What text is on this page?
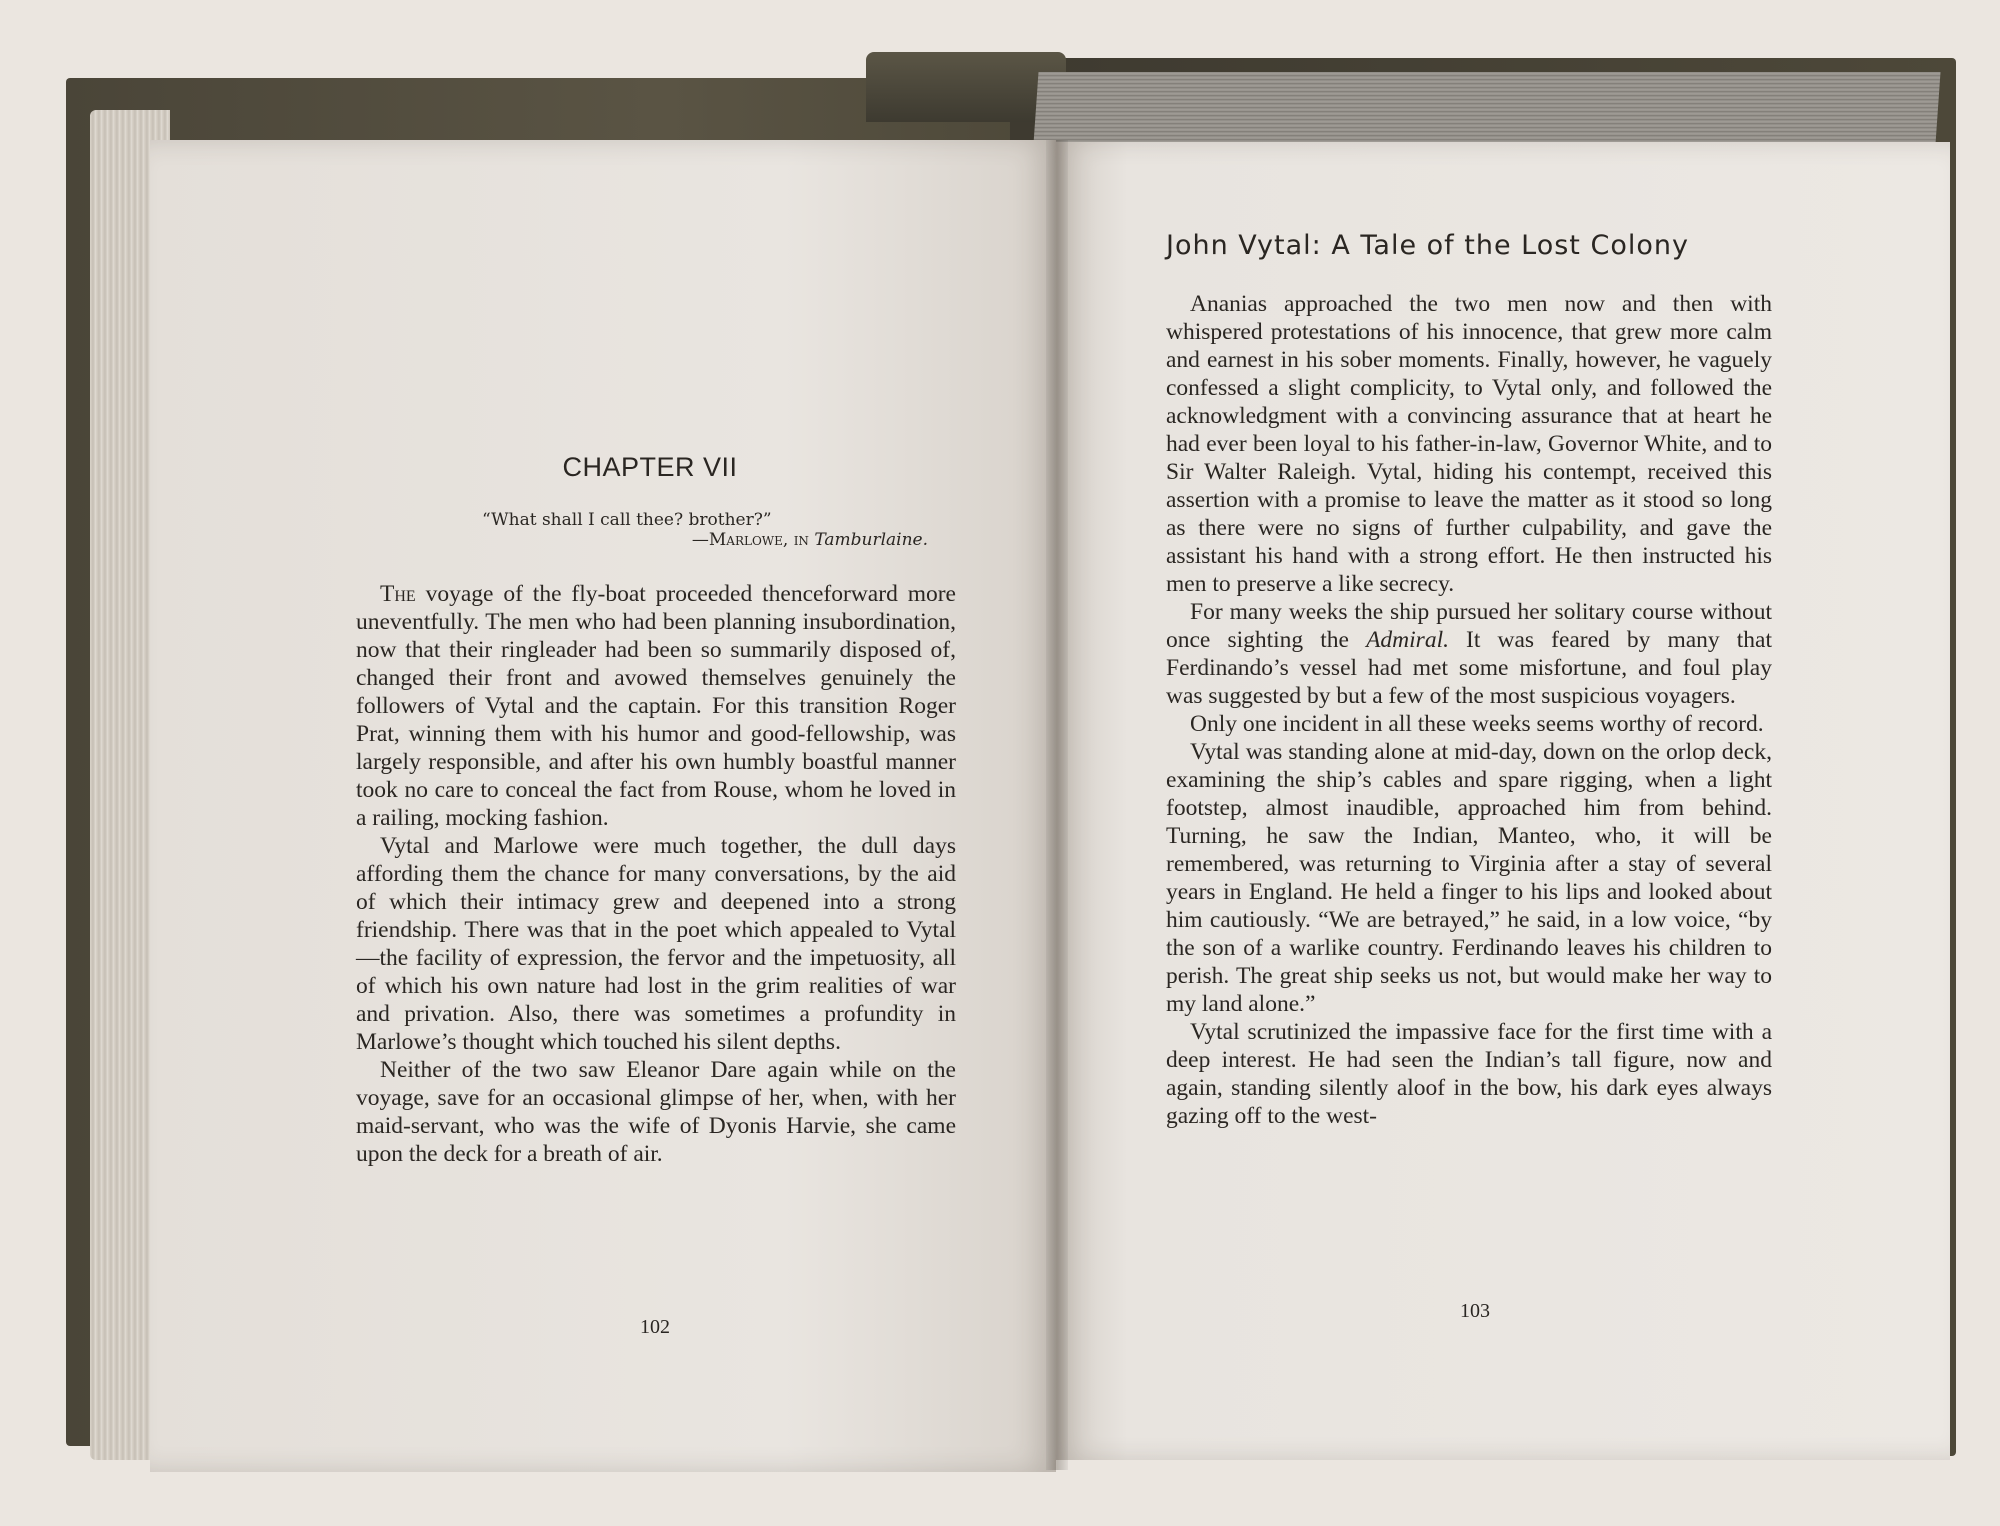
CHAPTER VII
“What shall I call thee? brother?”
—Marlowe, in Tamburlaine.

The voyage of the fly-boat proceeded thenceforward more uneventfully. The men who had been planning insubordination, now that their ringleader had been so summarily disposed of, changed their front and avowed themselves genuinely the followers of Vytal and the captain. For this transition Roger Prat, winning them with his humor and good-fellowship, was largely responsible, and after his own humbly boastful manner took no care to conceal the fact from Rouse, whom he loved in a railing, mocking fashion.

Vytal and Marlowe were much together, the dull days affording them the chance for many conversations, by the aid of which their intimacy grew and deepened into a strong friendship. There was that in the poet which appealed to Vytal—the facility of expression, the fervor and the impetuosity, all of which his own nature had lost in the grim realities of war and privation. Also, there was sometimes a profundity in Marlowe’s thought which touched his silent depths.

Neither of the two saw Eleanor Dare again while on the voyage, save for an occasional glimpse of her, when, with her maid-servant, who was the wife of Dyonis Harvie, she came upon the deck for a breath of air.

102
John Vytal: A Tale of the Lost Colony

Ananias approached the two men now and then with whispered protestations of his innocence, that grew more calm and earnest in his sober moments. Finally, however, he vaguely confessed a slight complicity, to Vytal only, and followed the acknowledgment with a convincing assurance that at heart he had ever been loyal to his father-in-law, Governor White, and to Sir Walter Raleigh. Vytal, hiding his contempt, received this assertion with a promise to leave the matter as it stood so long as there were no signs of further culpability, and gave the assistant his hand with a strong effort. He then instructed his men to preserve a like secrecy.

For many weeks the ship pursued her solitary course without once sighting the Admiral. It was feared by many that Ferdinando’s vessel had met some misfortune, and foul play was suggested by but a few of the most suspicious voyagers.

Only one incident in all these weeks seems worthy of record.

Vytal was standing alone at mid-day, down on the orlop deck, examining the ship’s cables and spare rigging, when a light footstep, almost inaudible, approached him from behind. Turning, he saw the Indian, Manteo, who, it will be remembered, was returning to Virginia after a stay of several years in England. He held a finger to his lips and looked about him cautiously. “We are betrayed,” he said, in a low voice, “by the son of a warlike country. Ferdinando leaves his children to perish. The great ship seeks us not, but would make her way to my land alone.”

Vytal scrutinized the impassive face for the first time with a deep interest. He had seen the Indian’s tall figure, now and again, standing silently aloof in the bow, his dark eyes always gazing off to the west-

103
